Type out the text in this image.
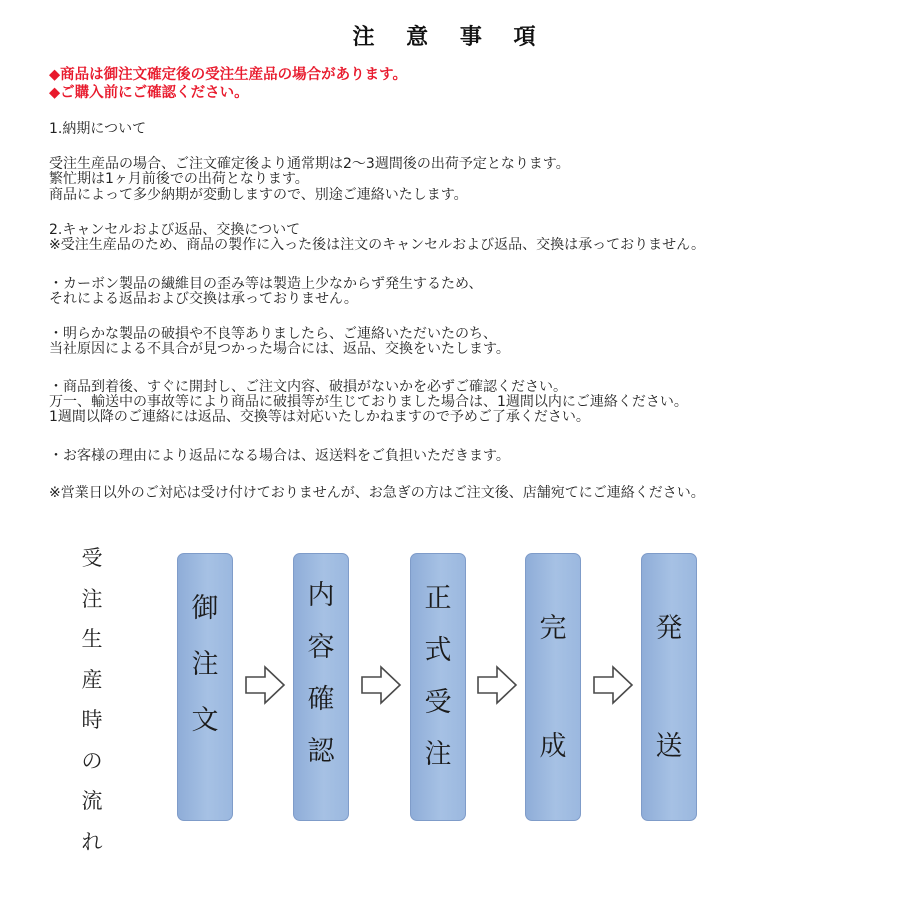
注 意 事 項
◆商品は御注文確定後の受注生産品の場合があります。
◆ご購入前にご確認ください。
1.納期について
受注生産品の場合、ご注文確定後より通常期は2～3週間後の出荷予定となります。
繁忙期は1ヶ月前後での出荷となります。
商品によって多少納期が変動しますので、別途ご連絡いたします。
2.キャンセルおよび返品、交換について
※受注生産品のため、商品の製作に入った後は注文のキャンセルおよび返品、交換は承っておりません。
・カーボン製品の繊維目の歪み等は製造上少なからず発生するため、
それによる返品および交換は承っておりません。
・明らかな製品の破損や不良等ありましたら、ご連絡いただいたのち、
当社原因による不具合が見つかった場合には、返品、交換をいたします。
・商品到着後、すぐに開封し、ご注文内容、破損がないかを必ずご確認ください。
万一、輸送中の事故等により商品に破損等が生じておりました場合は、1週間以内にご連絡ください。
1週間以降のご連絡には返品、交換等は対応いたしかねますので予めご了承ください。
・お客様の理由により返品になる場合は、返送料をご負担いただきます。
※営業日以外のご対応は受け付けておりませんが、お急ぎの方はご注文後、店舗宛てにご連絡ください。
受
注
生
産
時
の
流
れ
御
注
文
内
容
確
認
正
式
受
注
完
成
発
送
